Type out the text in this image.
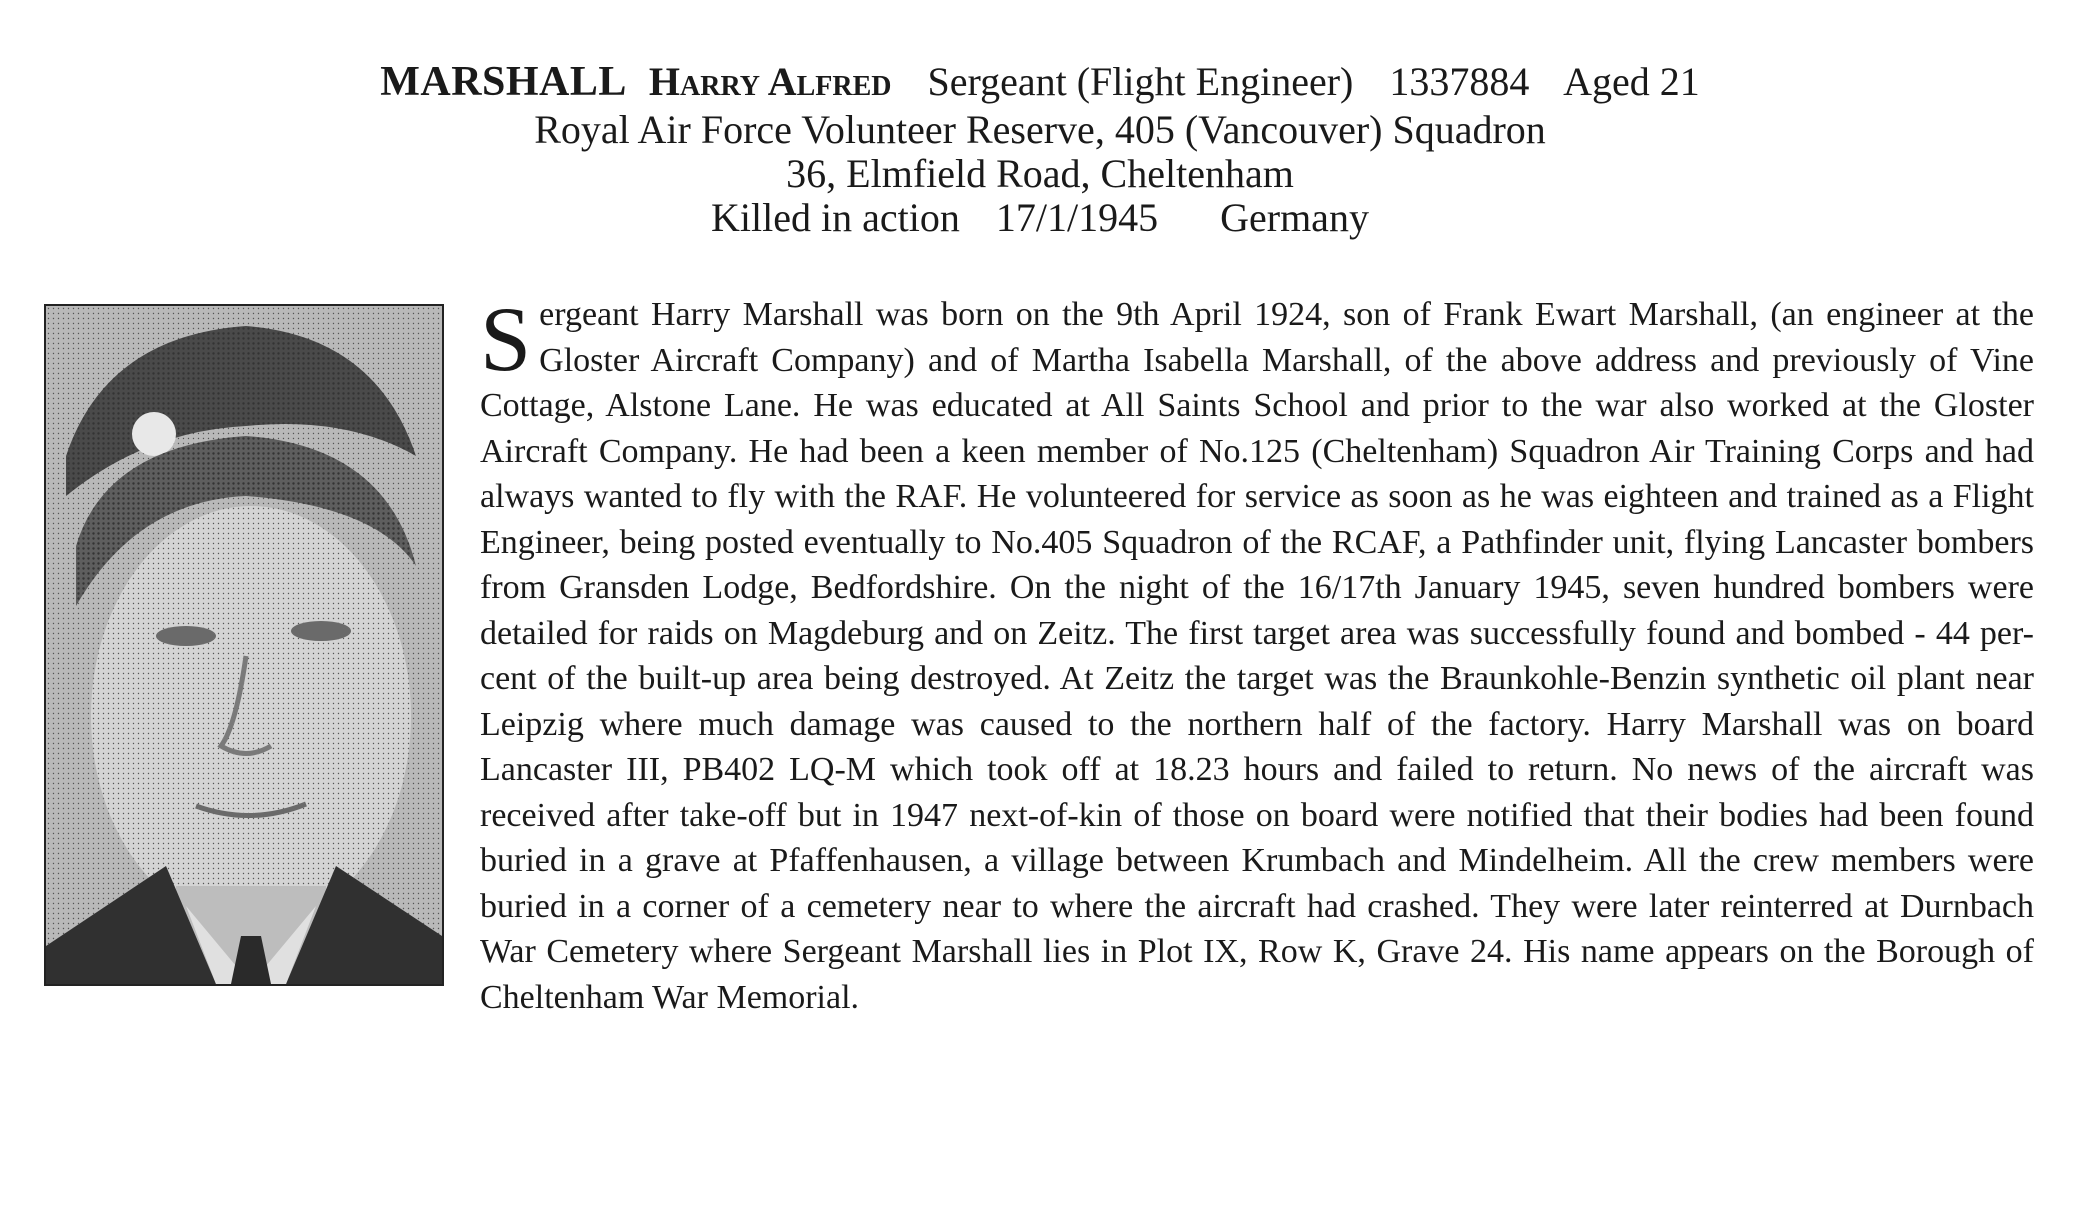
MARSHALL Harry Alfred Sergeant (Flight Engineer) 1337884 Aged 21
Royal Air Force Volunteer Reserve, 405 (Vancouver) Squadron
36, Elmfield Road, Cheltenham
Killed in action 17/1/1945 Germany

Sergeant Harry Marshall was born on the 9th April 1924, son of Frank Ewart Marshall, (an engineer at the Gloster Aircraft Company) and of Martha Isabella Marshall, of the above address and previously of Vine Cottage, Alstone Lane. He was educated at All Saints School and prior to the war also worked at the Gloster Aircraft Company. He had been a keen member of No.125 (Cheltenham) Squadron Air Training Corps and had always wanted to fly with the RAF. He volunteered for service as soon as he was eighteen and trained as a Flight Engineer, being posted eventually to No.405 Squadron of the RCAF, a Pathfinder unit, flying Lancaster bombers from Gransden Lodge, Bedfordshire. On the night of the 16/17th January 1945, seven hundred bombers were detailed for raids on Magdeburg and on Zeitz. The first target area was successfully found and bombed - 44 per-cent of the built-up area being destroyed. At Zeitz the target was the Braunkohle-Benzin synthetic oil plant near Leipzig where much damage was caused to the northern half of the factory. Harry Marshall was on board Lancaster III, PB402 LQ-M which took off at 18.23 hours and failed to return. No news of the aircraft was received after take-off but in 1947 next-of-kin of those on board were notified that their bodies had been found buried in a grave at Pfaffenhausen, a village between Krumbach and Mindelheim. All the crew members were buried in a corner of a cemetery near to where the aircraft had crashed. They were later reinterred at Durnbach War Cemetery where Sergeant Marshall lies in Plot IX, Row K, Grave 24. His name appears on the Borough of Cheltenham War Memorial.
